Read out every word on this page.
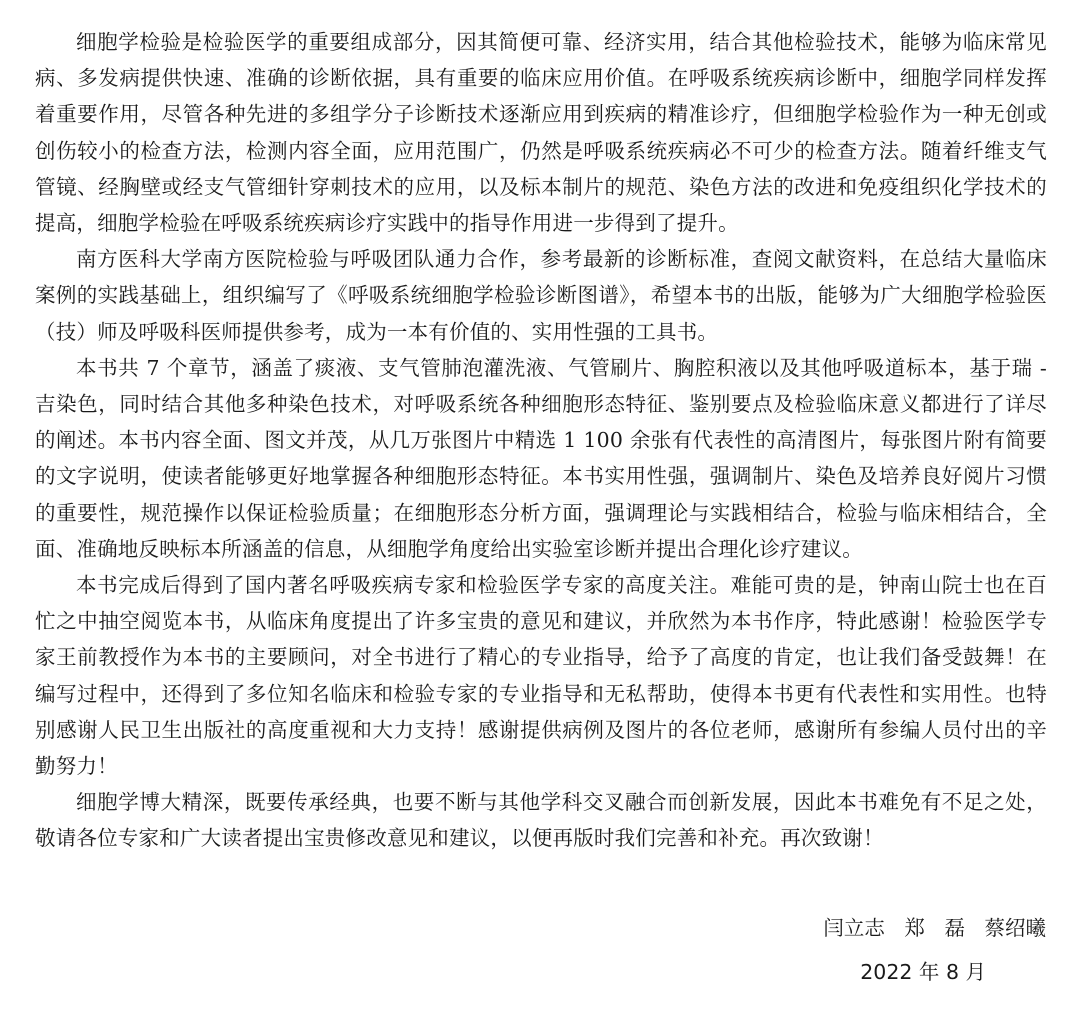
细胞学检验是检验医学的重要组成部分，因其简便可靠、经济实用，结合其他检验技术，能够为临床常见病、多发病提供快速、准确的诊断依据，具有重要的临床应用价值。在呼吸系统疾病诊断中，细胞学同样发挥着重要作用，尽管各种先进的多组学分子诊断技术逐渐应用到疾病的精准诊疗，但细胞学检验作为一种无创或创伤较小的检查方法，检测内容全面，应用范围广，仍然是呼吸系统疾病必不可少的检查方法。随着纤维支气管镜、经胸壁或经支气管细针穿刺技术的应用，以及标本制片的规范、染色方法的改进和免疫组织化学技术的提高，细胞学检验在呼吸系统疾病诊疗实践中的指导作用进一步得到了提升。

南方医科大学南方医院检验与呼吸团队通力合作，参考最新的诊断标准，查阅文献资料，在总结大量临床案例的实践基础上，组织编写了《呼吸系统细胞学检验诊断图谱》，希望本书的出版，能够为广大细胞学检验医（技）师及呼吸科医师提供参考，成为一本有价值的、实用性强的工具书。

本书共 7 个章节，涵盖了痰液、支气管肺泡灌洗液、气管刷片、胸腔积液以及其他呼吸道标本，基于瑞 - 吉染色，同时结合其他多种染色技术，对呼吸系统各种细胞形态特征、鉴别要点及检验临床意义都进行了详尽的阐述。本书内容全面、图文并茂，从几万张图片中精选 1 100 余张有代表性的高清图片，每张图片附有简要的文字说明，使读者能够更好地掌握各种细胞形态特征。本书实用性强，强调制片、染色及培养良好阅片习惯的重要性，规范操作以保证检验质量；在细胞形态分析方面，强调理论与实践相结合，检验与临床相结合，全面、准确地反映标本所涵盖的信息，从细胞学角度给出实验室诊断并提出合理化诊疗建议。

本书完成后得到了国内著名呼吸疾病专家和检验医学专家的高度关注。难能可贵的是，钟南山院士也在百忙之中抽空阅览本书，从临床角度提出了许多宝贵的意见和建议，并欣然为本书作序，特此感谢！检验医学专家王前教授作为本书的主要顾问，对全书进行了精心的专业指导，给予了高度的肯定，也让我们备受鼓舞！在编写过程中，还得到了多位知名临床和检验专家的专业指导和无私帮助，使得本书更有代表性和实用性。也特别感谢人民卫生出版社的高度重视和大力支持！感谢提供病例及图片的各位老师，感谢所有参编人员付出的辛勤努力！

细胞学博大精深，既要传承经典，也要不断与其他学科交叉融合而创新发展，因此本书难免有不足之处，敬请各位专家和广大读者提出宝贵修改意见和建议，以便再版时我们完善和补充。再次致谢！

闫立志   郑   磊   蔡绍曦
2022 年 8 月
